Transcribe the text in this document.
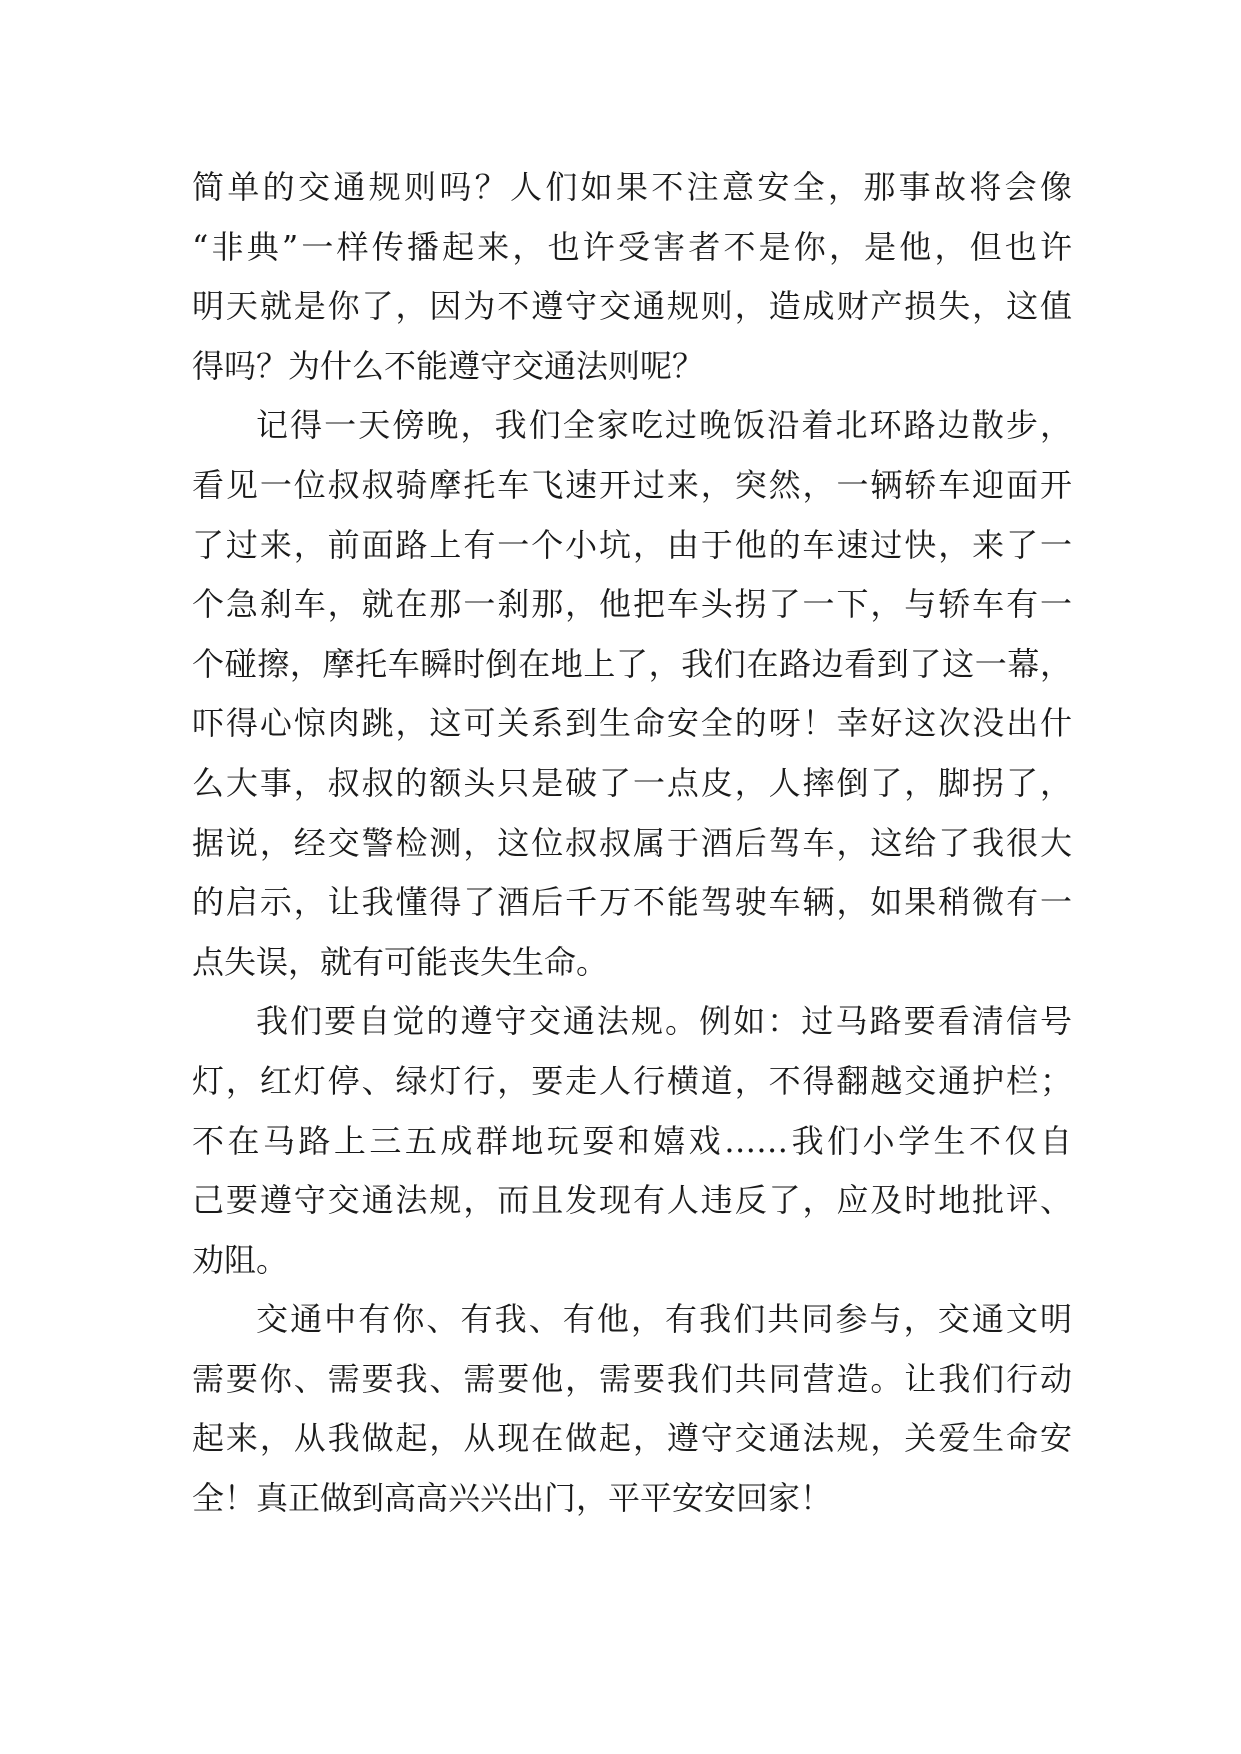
简单的交通规则吗？人们如果不注意安全，那事故将会像
“非典”一样传播起来，也许受害者不是你，是他，但也许
明天就是你了，因为不遵守交通规则，造成财产损失，这值
得吗？为什么不能遵守交通法则呢？
记得一天傍晚，我们全家吃过晚饭沿着北环路边散步，
看见一位叔叔骑摩托车飞速开过来，突然，一辆轿车迎面开
了过来，前面路上有一个小坑，由于他的车速过快，来了一
个急刹车，就在那一刹那，他把车头拐了一下，与轿车有一
个碰擦，摩托车瞬时倒在地上了，我们在路边看到了这一幕，
吓得心惊肉跳，这可关系到生命安全的呀！幸好这次没出什
么大事，叔叔的额头只是破了一点皮，人摔倒了，脚拐了，
据说，经交警检测，这位叔叔属于酒后驾车，这给了我很大
的启示，让我懂得了酒后千万不能驾驶车辆，如果稍微有一
点失误，就有可能丧失生命。
我们要自觉的遵守交通法规。例如：过马路要看清信号
灯，红灯停、绿灯行，要走人行横道，不得翻越交通护栏；
不在马路上三五成群地玩耍和嬉戏……我们小学生不仅自
己要遵守交通法规，而且发现有人违反了，应及时地批评、
劝阻。
交通中有你、有我、有他，有我们共同参与，交通文明
需要你、需要我、需要他，需要我们共同营造。让我们行动
起来，从我做起，从现在做起，遵守交通法规，关爱生命安
全！真正做到高高兴兴出门，平平安安回家！
